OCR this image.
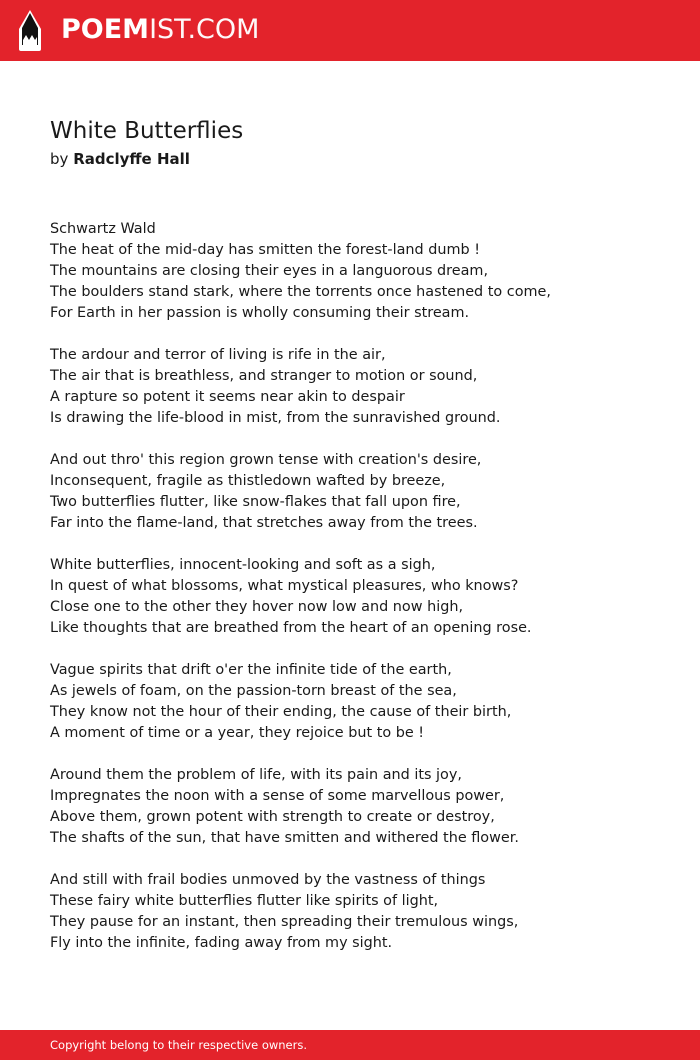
POEMIST.COM
White Butterflies
by Radclyffe Hall
Schwartz Wald
The heat of the mid-day has smitten the forest-land dumb !
The mountains are closing their eyes in a languorous dream,
The boulders stand stark, where the torrents once hastened to come,
For Earth in her passion is wholly consuming their stream.
The ardour and terror of living is rife in the air,
The air that is breathless, and stranger to motion or sound,
A rapture so potent it seems near akin to despair
Is drawing the life-blood in mist, from the sunravished ground.
And out thro' this region grown tense with creation's desire,
Inconsequent, fragile as thistledown wafted by breeze,
Two butterflies flutter, like snow-flakes that fall upon fire,
Far into the flame-land, that stretches away from the trees.
White butterflies, innocent-looking and soft as a sigh,
In quest of what blossoms, what mystical pleasures, who knows?
Close one to the other they hover now low and now high,
Like thoughts that are breathed from the heart of an opening rose.
Vague spirits that drift o'er the infinite tide of the earth,
As jewels of foam, on the passion-torn breast of the sea,
They know not the hour of their ending, the cause of their birth,
A moment of time or a year, they rejoice but to be !
Around them the problem of life, with its pain and its joy,
Impregnates the noon with a sense of some marvellous power,
Above them, grown potent with strength to create or destroy,
The shafts of the sun, that have smitten and withered the flower.
And still with frail bodies unmoved by the vastness of things
These fairy white butterflies flutter like spirits of light,
They pause for an instant, then spreading their tremulous wings,
Fly into the infinite, fading away from my sight.
Copyright belong to their respective owners.
